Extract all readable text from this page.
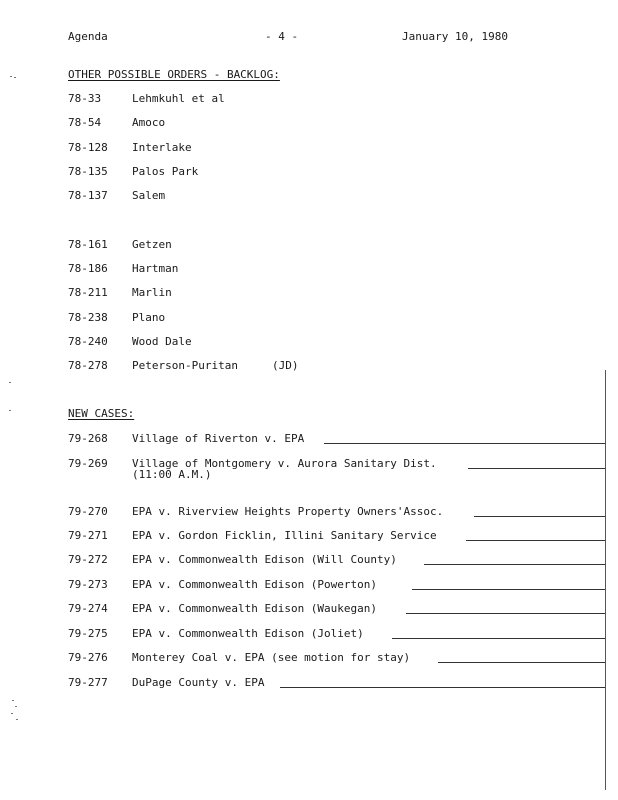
Agenda	- 4 -	January 10, 1980
OTHER POSSIBLE ORDERS - BACKLOG:
78-33	Lehmkuhl et al
78-54	Amoco
78-128 Interlake
78-135 Palos Park
78-137 Salem
78-161 Getzen
78-186 Hartman
78-211 Marlin
78-238 Plano
78-240 Wood Dale
78-278 Peterson-Puritan	(JD)
NEW CASES:
79-268 Village of Riverton v. EPA
79-269 Village of Montgomery v. Aurora Sanitary Dist.
(11:00 A.M.)
79-270 EPA v. Riverview Heights Property Owners'Assoc.
79-271 EPA v. Gordon Ficklin, Illini Sanitary Service
79-272 EPA v. Commonwealth Edison (Will County)
79-273 EPA v. Commonwealth Edison (Powerton)
79-274 EPA v. Commonwealth Edison (Waukegan)
79-275 EPA v. Commonwealth Edison (Joliet)
79-276 Monterey Coal v. EPA (see motion for stay)
79-277 DuPage County v. EPA
